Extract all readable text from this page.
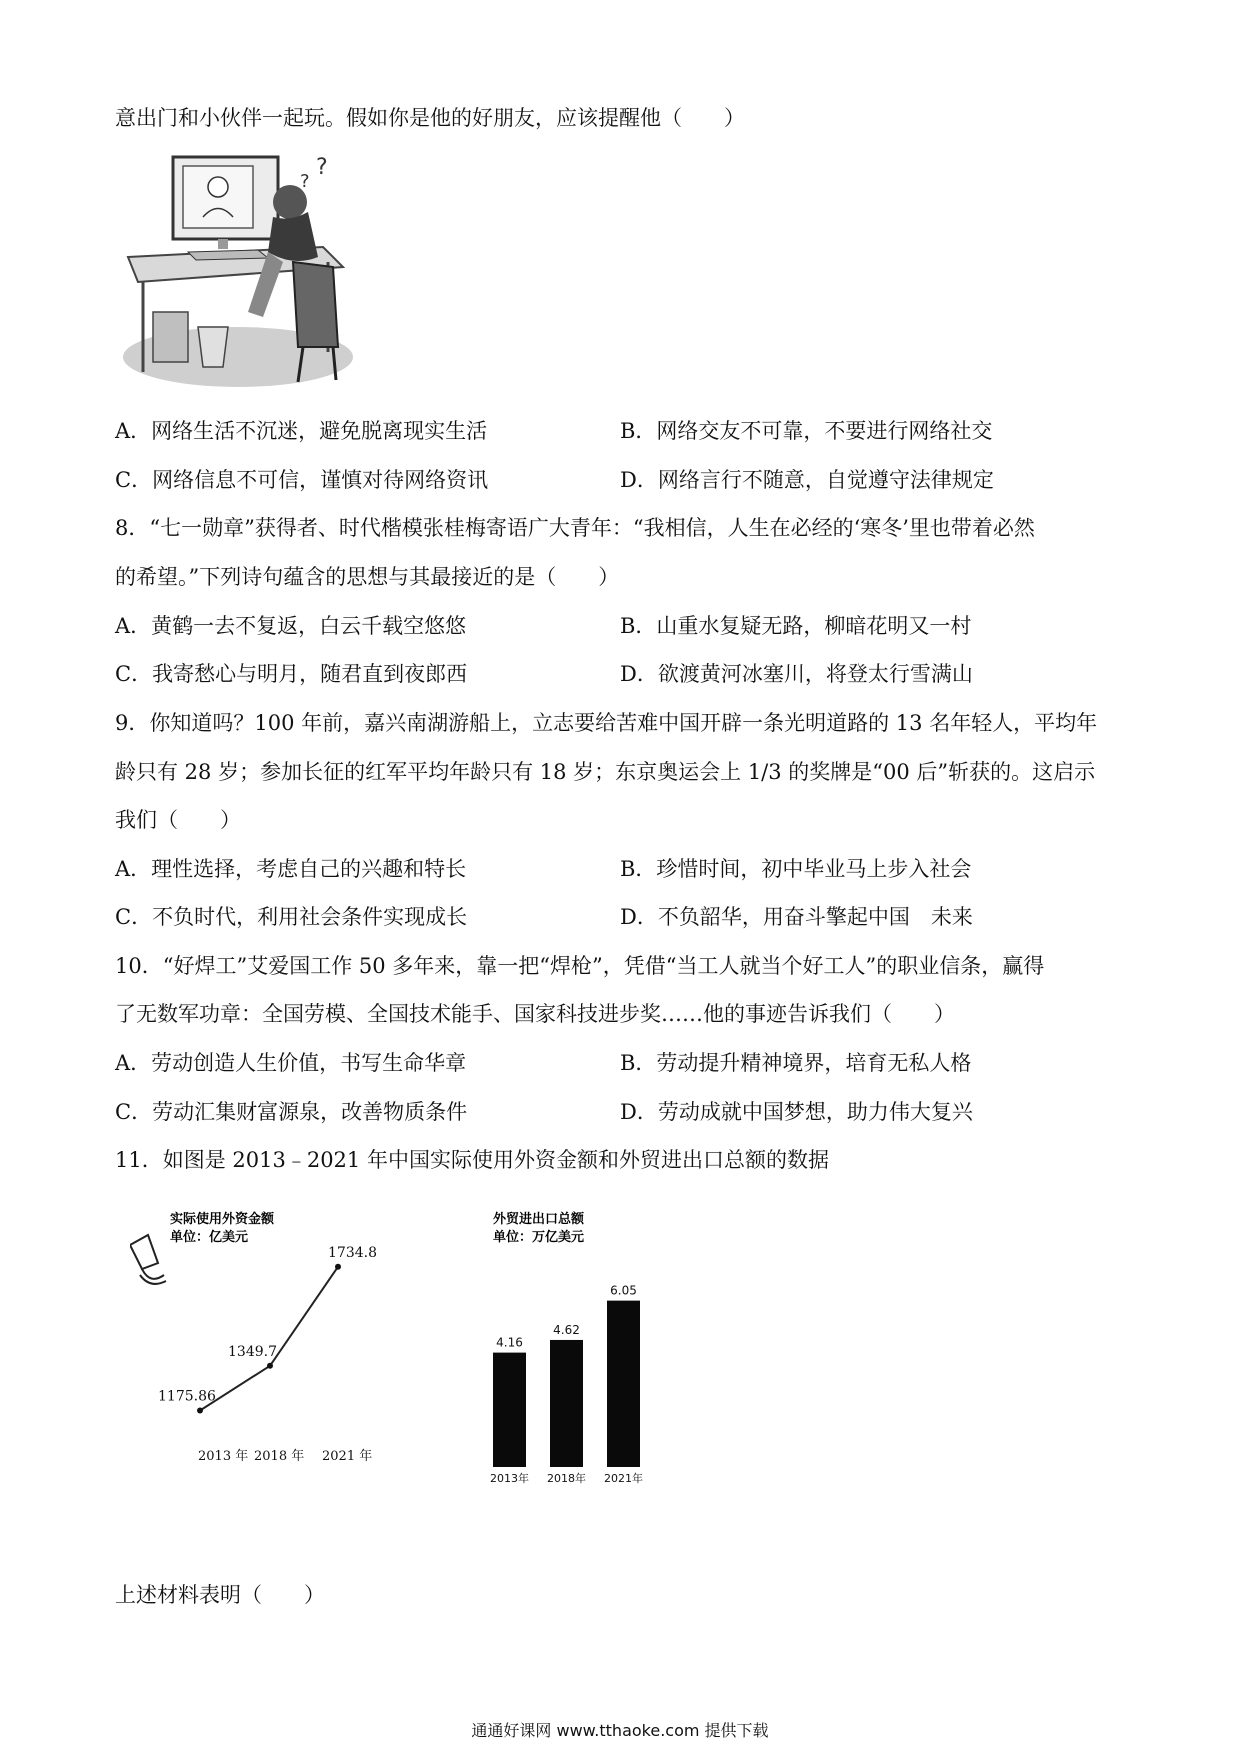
意出门和小伙伴一起玩。假如你是他的好朋友，应该提醒他（　　）
?
?
A．网络生活不沉迷，避免脱离现实生活	B．网络交友不可靠，不要进行网络社交
C．网络信息不可信，谨慎对待网络资讯	D．网络言行不随意，自觉遵守法律规定
8．“七一勋章”获得者、时代楷模张桂梅寄语广大青年：“我相信，人生在必经的‘寒冬’里也带着必然
的希望。”下列诗句蕴含的思想与其最接近的是（　　）
A．黄鹤一去不复返，白云千载空悠悠	B．山重水复疑无路，柳暗花明又一村
C．我寄愁心与明月，随君直到夜郎西	D．欲渡黄河冰塞川，将登太行雪满山
9．你知道吗？100 年前，嘉兴南湖游船上，立志要给苦难中国开辟一条光明道路的 13 名年轻人，平均年
龄只有 28 岁；参加长征的红军平均年龄只有 18 岁；东京奥运会上 1/3 的奖牌是“00 后”斩获的。这启示
我们（　　）
A．理性选择，考虑自己的兴趣和特长	B．珍惜时间，初中毕业马上步入社会
C．不负时代，利用社会条件实现成长	D．不负韶华，用奋斗擎起中国　未来
10．“好焊工”艾爱国工作 50 多年来，靠一把“焊枪”，凭借“当工人就当个好工人”的职业信条，赢得
了无数军功章：全国劳模、全国技术能手、国家科技进步奖……他的事迹告诉我们（　　）
A．劳动创造人生价值，书写生命华章	B．劳动提升精神境界，培育无私人格
C．劳动汇集财富源泉，改善物质条件	D．劳动成就中国梦想，助力伟大复兴
11．如图是 2013﹣2021 年中国实际使用外资金额和外贸进出口总额的数据
实际使用外资金额
单位：亿美元
1175.86
2013 年
1349.7
2018 年
1734.8
2021 年
外贸进出口总额
单位：万亿美元
4.16
2013年
4.62
2018年
6.05
2021年
上述材料表明（　　）
通通好课网 www.tthaoke.com 提供下载
